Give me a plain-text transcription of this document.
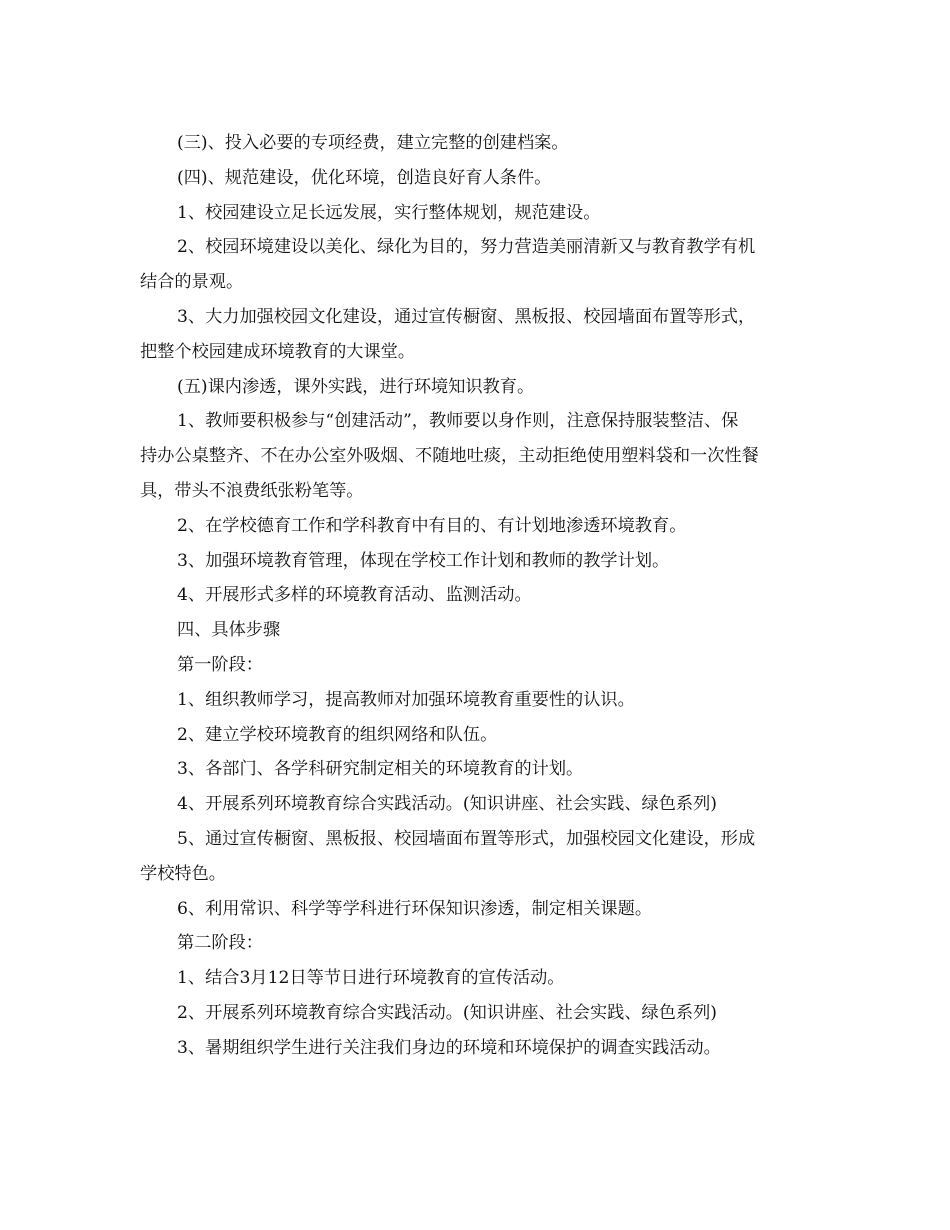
(三)、投入必要的专项经费，建立完整的创建档案。
(四)、规范建设，优化环境，创造良好育人条件。
1、校园建设立足长远发展，实行整体规划，规范建设。
2、校园环境建设以美化、绿化为目的，努力营造美丽清新又与教育教学有机
结合的景观。
3、大力加强校园文化建设，通过宣传橱窗、黑板报、校园墙面布置等形式，
把整个校园建成环境教育的大课堂。
(五)课内渗透，课外实践，进行环境知识教育。
1、教师要积极参与“创建活动”，教师要以身作则，注意保持服装整洁、保
持办公桌整齐、不在办公室外吸烟、不随地吐痰，主动拒绝使用塑料袋和一次性餐
具，带头不浪费纸张粉笔等。
2、在学校德育工作和学科教育中有目的、有计划地渗透环境教育。
3、加强环境教育管理，体现在学校工作计划和教师的教学计划。
4、开展形式多样的环境教育活动、监测活动。
四、具体步骤
第一阶段：
1、组织教师学习，提高教师对加强环境教育重要性的认识。
2、建立学校环境教育的组织网络和队伍。
3、各部门、各学科研究制定相关的环境教育的计划。
4、开展系列环境教育综合实践活动。(知识讲座、社会实践、绿色系列)
5、通过宣传橱窗、黑板报、校园墙面布置等形式，加强校园文化建设，形成
学校特色。
6、利用常识、科学等学科进行环保知识渗透，制定相关课题。
第二阶段：
1、结合3月12日等节日进行环境教育的宣传活动。
2、开展系列环境教育综合实践活动。(知识讲座、社会实践、绿色系列)
3、暑期组织学生进行关注我们身边的环境和环境保护的调查实践活动。
